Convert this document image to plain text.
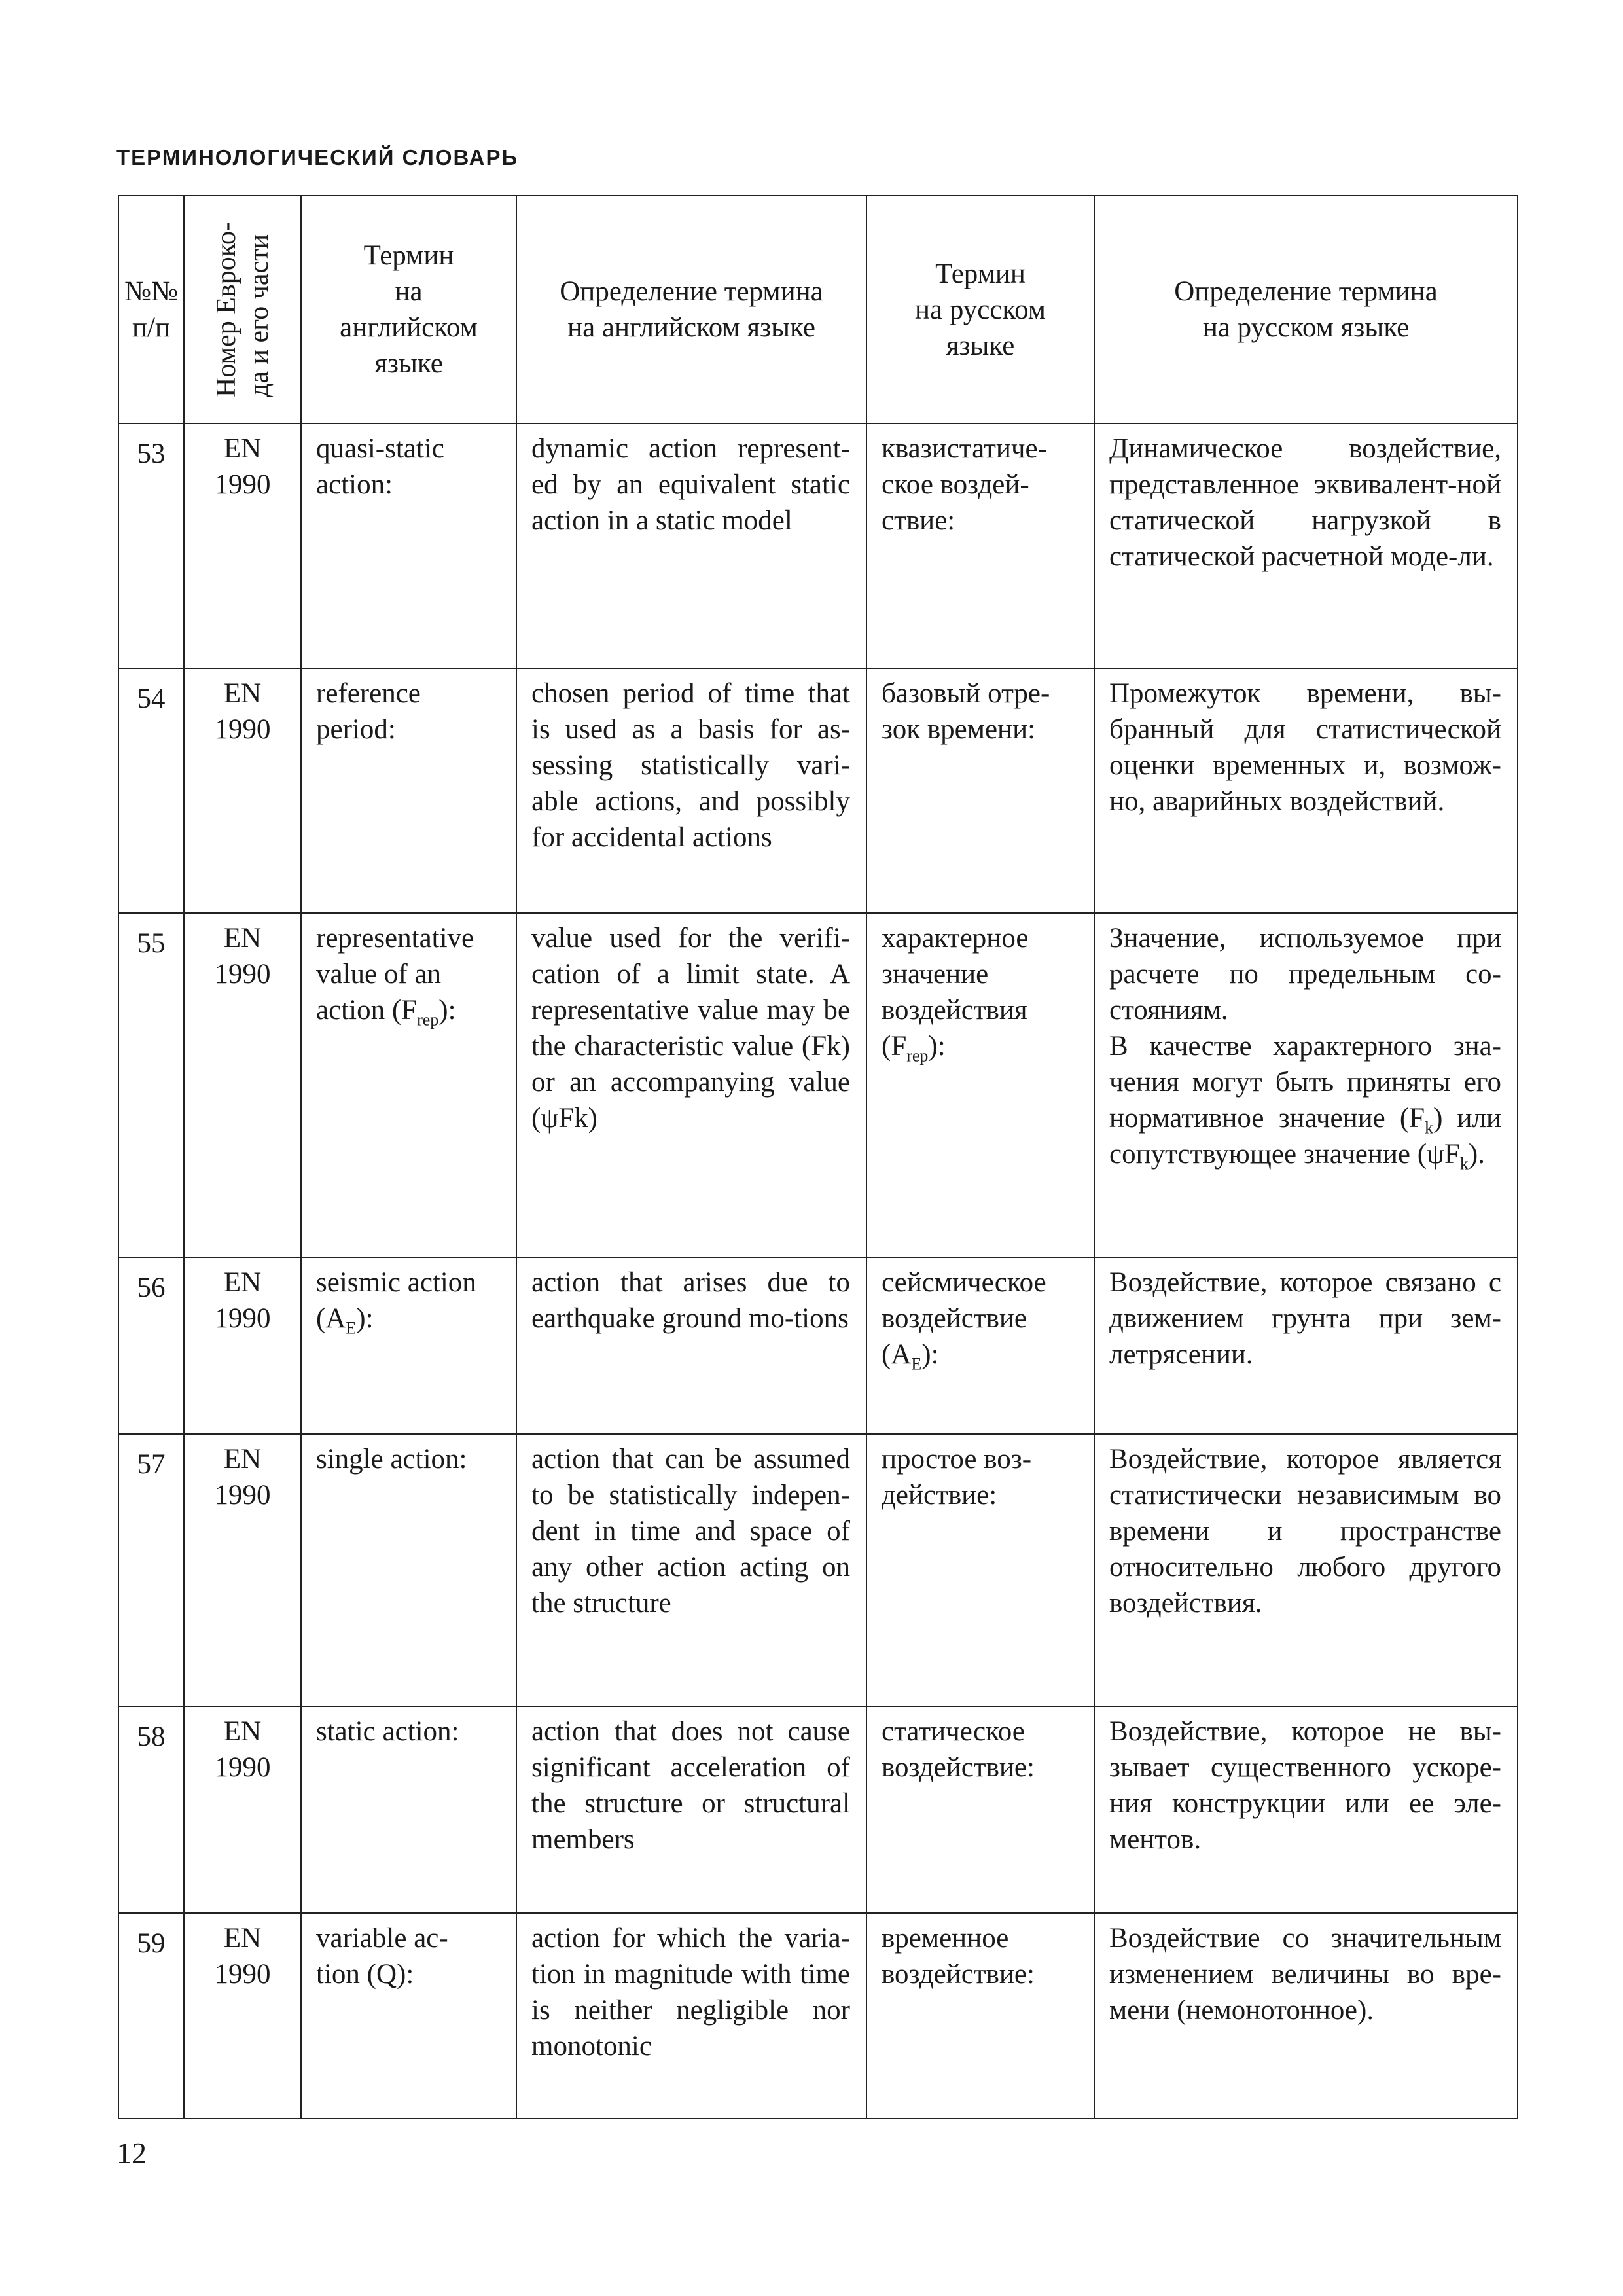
ТЕРМИНОЛОГИЧЕСКИЙ СЛОВАРЬ
№№
п/п	Номер Еврoко- да и его части	Термин
на
английском
языке	Определение термина
на английском языке	Термин
на русском
языке	Определение термина
на русском языке

53	EN
1990	quasi-static
action:	dynamic action represent-ed by an equivalent static action in a static model	квазистатиче-
ское воздей-
ствие:	Динамическое воздействие, представленное эквивалент-ной статической нагрузкой в статической расчетной моде-ли.
54	EN
1990	reference
period:	chosen period of time that is used as a basis for as-sessing statistically vari-able actions, and possibly for accidental actions	базовый отре-
зок времени:	Промежуток времени, вы-бранный для статистической оценки временных и, возмож-но, аварийных воздействий.
55	EN
1990	representative
value of an
action $(F_{rep})$:	value used for the verifi-cation of a limit state. A representative value may be the characteristic value (Fk) or an accompanying value (ψFk)	характерное
значение
воздействия
$(F_{rep})$:	Значение, используемое при расчете по предельным со-стояниям.
В качестве характерного зна-чения могут быть приняты его нормативное значение $(F_k)$ или сопутствующее значение $(\psi F_k)$.

56	EN
1990	seismic action
$(A_E)$:	action that arises due to earthquake ground mo-tions	сейсмическое
воздействие
$(A_E)$:	Воздействие, которое связано с движением грунта при зем-летрясении.
57	EN
1990	single action:	action that can be assumed to be statistically indepen-dent in time and space of any other action acting on the structure	простое воз-
действие:	Воздействие, которое является статистически независимым во времени и пространстве относительно любого другого воздействия.
58	EN
1990	static action:	action that does not cause significant acceleration of the structure or structural members	статическое
воздействие:	Воздействие, которое не вы-зывает существенного ускоре-ния конструкции или ее эле-ментов.
59	EN
1990	variable ac-
tion (Q):	action for which the varia-tion in magnitude with time is neither negligible nor monotonic	временное
воздействие:	Воздействие со значительным изменением величины во вре-мени (немонотонное).
12
